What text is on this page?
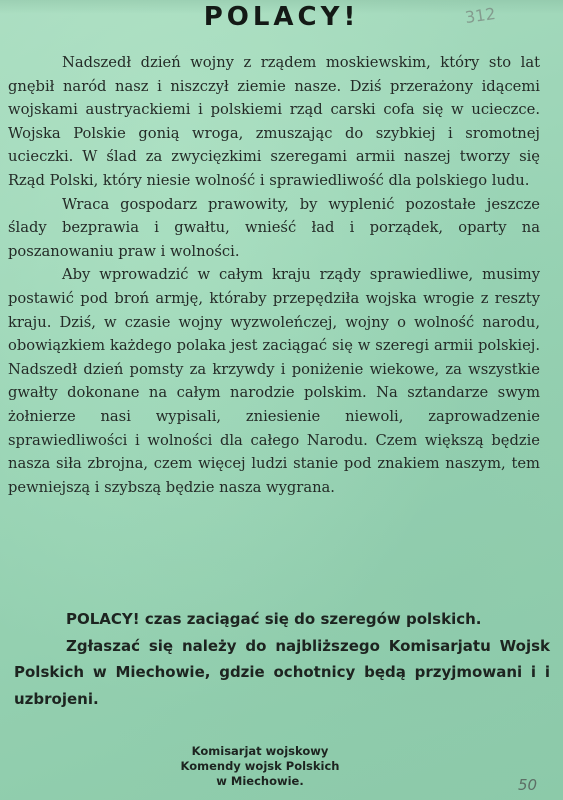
POLACY!	312

Nadszedł dzień wojny z rządem moskiewskim, który sto lat gnębił naród nasz i niszczył ziemie nasze. Dziś przerażony idącemi wojskami austryackiemi i polskiemi rząd carski cofa się w ucieczce. Wojska Polskie gonią wroga, zmuszając do szybkiej i sromotnej ucieczki. W ślad za zwycięzkimi szeregami armii naszej tworzy się Rząd Polski, który niesie wolność i sprawiedliwość dla polskiego ludu.

Wraca gospodarz prawowity, by wyplenić pozostałe jeszcze ślady bezprawia i gwałtu, wnieść ład i porządek, oparty na poszanowaniu praw i wolności.

Aby wprowadzić w całym kraju rządy sprawiedliwe, musimy postawić pod broń armję, któraby przepędziła wojska wrogie z reszty kraju. Dziś, w czasie wojny wyzwoleńczej, wojny o wolność narodu, obowiązkiem każdego polaka jest zaciągać się w szeregi armii polskiej. Nadszedł dzień pomsty za krzywdy i poniżenie wiekowe, za wszystkie gwałty dokonane na całym narodzie polskim. Na sztandarze swym żołnierze nasi wypisali, zniesienie niewoli, zaprowadzenie sprawiedliwości i wolności dla całego Narodu. Czem większą będzie nasza siła zbrojna, czem więcej ludzi stanie pod znakiem naszym, tem pewniejszą i szybszą będzie nasza wygrana.

POLACY! czas zaciągać się do szeregów polskich.

Zgłaszać się należy do najbliższego Komisarjatu Wojsk Polskich w Miechowie, gdzie ochotnicy będą przyjmowani i i uzbrojeni.

Komisarjat wojskowy
Komendy wojsk Polskich
w Miechowie.	50
